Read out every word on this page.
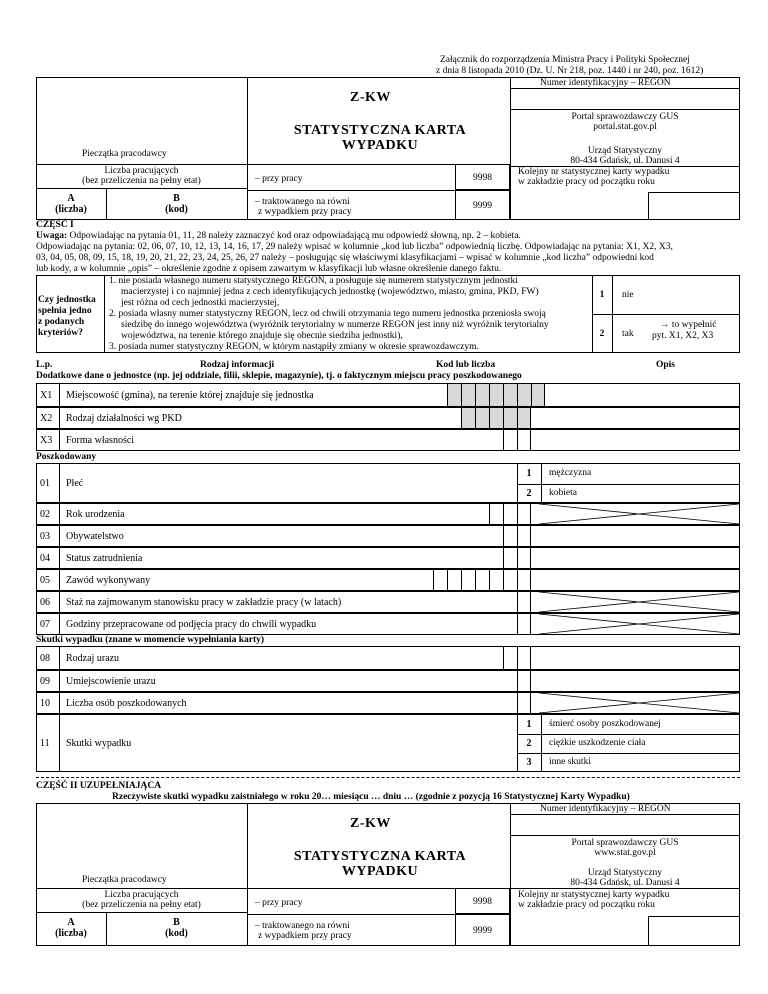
Załącznik do rozporządzenia Ministra Pracy i Polityki Społecznej
z dnia 8 listopada 2010 (Dz. U. Nr 218, poz. 1440 i nr 240, poz. 1612)
Numer identyfikacyjny – REGON
Z-KW
STATYSTYCZNA KARTA
WYPADKU
Portal sprawozdawczy GUS
portal.stat.gov.pl
Pieczątka pracodawcy	Urząd Statystyczny
80-434 Gdańsk, ul. Danusi 4
Liczba pracujących
(bez przeliczenia na pełny etat)
A
(liczba)
B
(kod)
– przy pracy	9998
– traktowanego na równi
z wypadkiem przy pracy
9999
Kolejny nr statystycznej karty wypadku
w zakładzie pracy od początku roku
CZĘŚĆ I
Uwaga: Odpowiadając na pytania 01, 11, 28 należy zaznaczyć kod oraz odpowiadającą mu odpowiedź słowną, np. 2 – kobieta.
Odpowiadając na pytania: 02, 06, 07, 10, 12, 13, 14, 16, 17, 29 należy wpisać w kolumnie „kod lub liczba” odpowiednią liczbę. Odpowiadając na pytania: X1, X2, X3,
03, 04, 05, 08, 09, 15, 18, 19, 20, 21, 22, 23, 24, 25, 26, 27 należy – posługując się właściwymi klasyfikacjami – wpisać w kolumnie „kod liczba” odpowiedni kod
lub kody, a w kolumnie „opis” – określenie zgodne z opisem zawartym w klasyfikacji lub własne określenie danego faktu.
Czy jednostka
spełnia jedno
z podanych
kryteriów?
1. nie posiada własnego numeru statystycznego REGON, a posługuje się numerem statystycznym jednostki
macierzystej i co najmniej jedna z cech identyfikujących jednostkę (województwo, miasto, gmina, PKD, FW)
jest różna od cech jednostki macierzystej,
2. posiada własny numer statystyczny REGON, lecz od chwili otrzymania tego numeru jednostka przeniosła swoją
siedzibę do innego województwa (wyróżnik terytorialny w numerze REGON jest inny niż wyróżnik terytorialny
województwa, na terenie którego znajduje się obecnie siedziba jednostki),
3. posiada numer statystyczny REGON, w którym nastąpiły zmiany w okresie sprawozdawczym.
1	nie
2	tak
→ to wypełnić
pyt. X1, X2, X3
L.p.	Rodzaj informacji	Kod lub liczba	Opis
Dodatkowe dane o jednostce (np. jej oddziale, filii, sklepie, magazynie), tj. o faktycznym miejscu pracy poszkodowanego
X1	Miejscowość (gmina), na terenie której znajduje się jednostka
X2	Rodzaj działalności wg PKD
X3	Forma własności
Poszkodowany
01	Płeć
1	mężczyzna
2	kobieta
02	Rok urodzenia
03	Obywatelstwo
04	Status zatrudnienia
05	Zawód wykonywany
06	Staż na zajmowanym stanowisku pracy w zakładzie pracy (w latach)
07	Godziny przepracowane od podjęcia pracy do chwili wypadku
Skutki wypadku (znane w momencie wypełniania karty)
08	Rodzaj urazu
09	Umiejscowienie urazu
10	Liczba osób poszkodowanych
11	Skutki wypadku
1	śmierć osoby poszkodowanej
2	ciężkie uszkodzenie ciała
3	inne skutki
CZĘŚĆ II UZUPEŁNIAJĄCA
Rzeczywiste skutki wypadku zaistniałego w roku 20… miesiącu … dniu … (zgodnie z pozycją 16 Statystycznej Karty Wypadku)
Numer identyfikacyjny – REGON
Z-KW
STATYSTYCZNA KARTA
WYPADKU
Portal sprawozdawczy GUS
www.stat.gov.pl
Pieczątka pracodawcy
Urząd Statystyczny
80-434 Gdańsk, ul. Danusi 4
Liczba pracujących
(bez przeliczenia na pełny etat)
A
(liczba)
B
(kod)
– przy pracy	9998
– traktowanego na równi
z wypadkiem przy pracy	9999
Kolejny nr statystycznej karty wypadku
w zakładzie pracy od początku roku
